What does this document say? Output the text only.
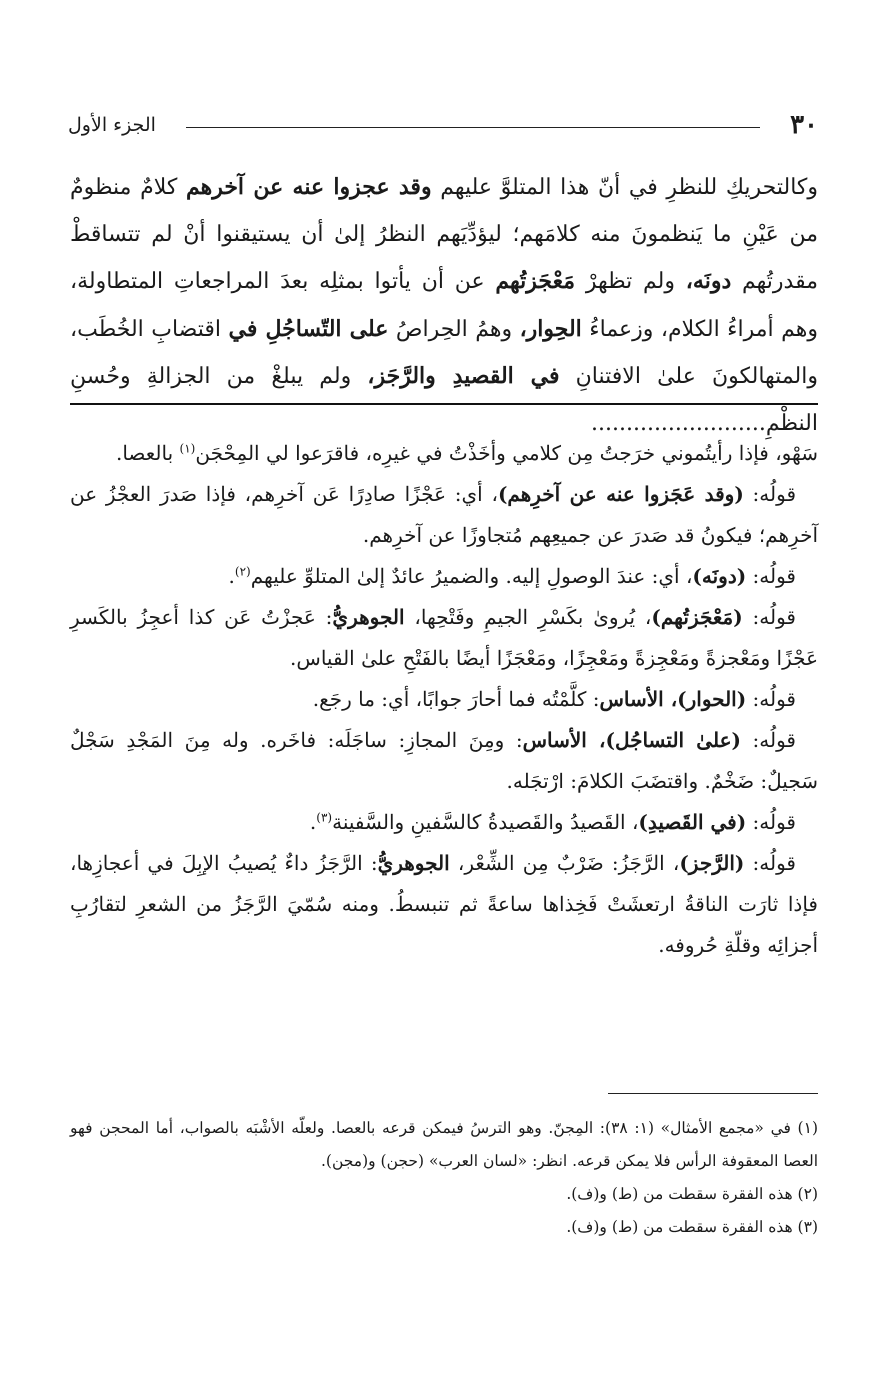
٣٠
الجزء الأول

وكالتحريكِ للنظرِ في أنّ هذا المتلوَّ عليهم وقد عجزوا عنه عن آخرهم كلامٌ منظومٌ من عَيْنِ ما يَنظمونَ منه كلامَهم؛ ليؤدِّيَهم النظرُ إلىٰ أن يستيقنوا أنْ لم تتساقطْ مقدرتُهم دونَه، ولم تظهرْ مَعْجَزتُهم عن أن يأتوا بمثلِه بعدَ المراجعاتِ المتطاولة، وهم أمراءُ الكلام، وزعماءُ الحِوار، وهمُ الحِراصُ على التّساجُلِ في اقتضابِ الخُطَب، والمتهالكونَ علىٰ الافتنانِ في القصيدِ والرَّجَز، ولم يبلغْ من الجزالةِ وحُسنِ النظْمِ.........................

سَهْو، فإذا رأيتُموني خرَجتُ مِن كلامي وأخَذْتُ في غيرِه، فاقرَعوا لي المِحْجَن$^{(١)}$ بالعصا.

قولُه: (وقد عَجَزوا عنه عن آخرِهم)، أي: عَجْزًا صادِرًا عَن آخرِهم، فإذا صَدرَ العجْزُ عن آخرِهم؛ فيكونُ قد صَدرَ عن جميعِهم مُتجاوزًا عن آخرِهم.

قولُه: (دونَه)، أي: عندَ الوصولِ إليه. والضميرُ عائدٌ إلىٰ المتلوِّ عليهم$^{(٢)}$.

قولُه: (مَعْجَزتُهم)، يُروىٰ بكَسْرِ الجيمِ وفَتْحِها، الجوهريُّ: عَجزْتُ عَن كذا أعجِزُ بالكَسرِ عَجْزًا ومَعْجزةً ومَعْجِزةً ومَعْجِزًا، ومَعْجَزًا أيضًا بالفَتْحِ علىٰ القياس.

قولُه: (الحوار)، الأساس: كلَّمْتُه فما أحارَ جوابًا، أي: ما رجَع.

قولُه: (علىٰ التساجُل)، الأساس: ومِنَ المجازِ: ساجَلَه: فاخَره. وله مِنَ المَجْدِ سَجْلٌ سَجيلٌ: ضَخْمٌ. واقتضَبَ الكلامَ: ارْتجَله.

قولُه: (في القَصيدِ)، القَصيدُ والقَصيدةُ كالسَّفينِ والسَّفينة$^{(٣)}$.

قولُه: (الرَّجز)، الرَّجَزُ: ضَرْبٌ مِن الشِّعْر، الجوهريُّ: الرَّجَزُ داءٌ يُصيبُ الإبِلَ في أعجازِها، فإذا ثارَت الناقةُ ارتعشَتْ فَخِذاها ساعةً ثم تنبسطُ. ومنه سُمّيَ الرَّجَزُ من الشعرِ لتقارُبِ أجزائِه وقلّةِ حُروفه.

(١) في «مجمع الأمثال» (١: ٣٨): المِجنّ. وهو الترسُ فيمكن قرعه بالعصا. ولعلّه الأشْبَه بالصواب، أما المحجن فهو العصا المعقوفة الرأس فلا يمكن قرعه. انظر: «لسان العرب» (حجن) و(مجن).

(٢) هذه الفقرة سقطت من (ط) و(ف).

(٣) هذه الفقرة سقطت من (ط) و(ف).
